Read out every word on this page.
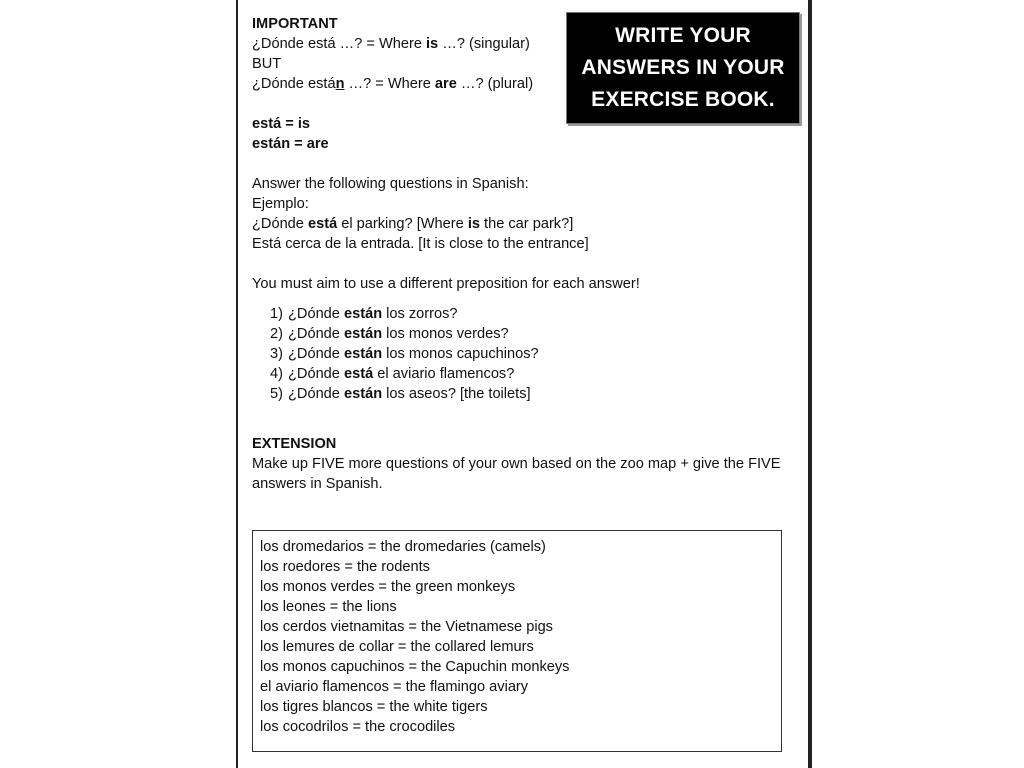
IMPORTANT
¿Dónde está …? = Where is …? (singular)
BUT
¿Dónde están …? = Where are …? (plural)
está = is
están = are
Answer the following questions in Spanish:
Ejemplo:
¿Dónde está el parking? [Where is the car park?]
Está cerca de la entrada. [It is close to the entrance]
You must aim to use a different preposition for each answer!
1) ¿Dónde están los zorros?
2) ¿Dónde están los monos verdes?
3) ¿Dónde están los monos capuchinos?
4) ¿Dónde está el aviario flamencos?
5) ¿Dónde están los aseos? [the toilets]
EXTENSION
Make up FIVE more questions of your own based on the zoo map + give the FIVE
answers in Spanish.
WRITE YOUR
ANSWERS IN YOUR
EXERCISE BOOK.
los dromedarios = the dromedaries (camels)
los roedores = the rodents
los monos verdes = the green monkeys
los leones = the lions
los cerdos vietnamitas = the Vietnamese pigs
los lemures de collar = the collared lemurs
los monos capuchinos = the Capuchin monkeys
el aviario flamencos = the flamingo aviary
los tigres blancos = the white tigers
los cocodrilos = the crocodiles
